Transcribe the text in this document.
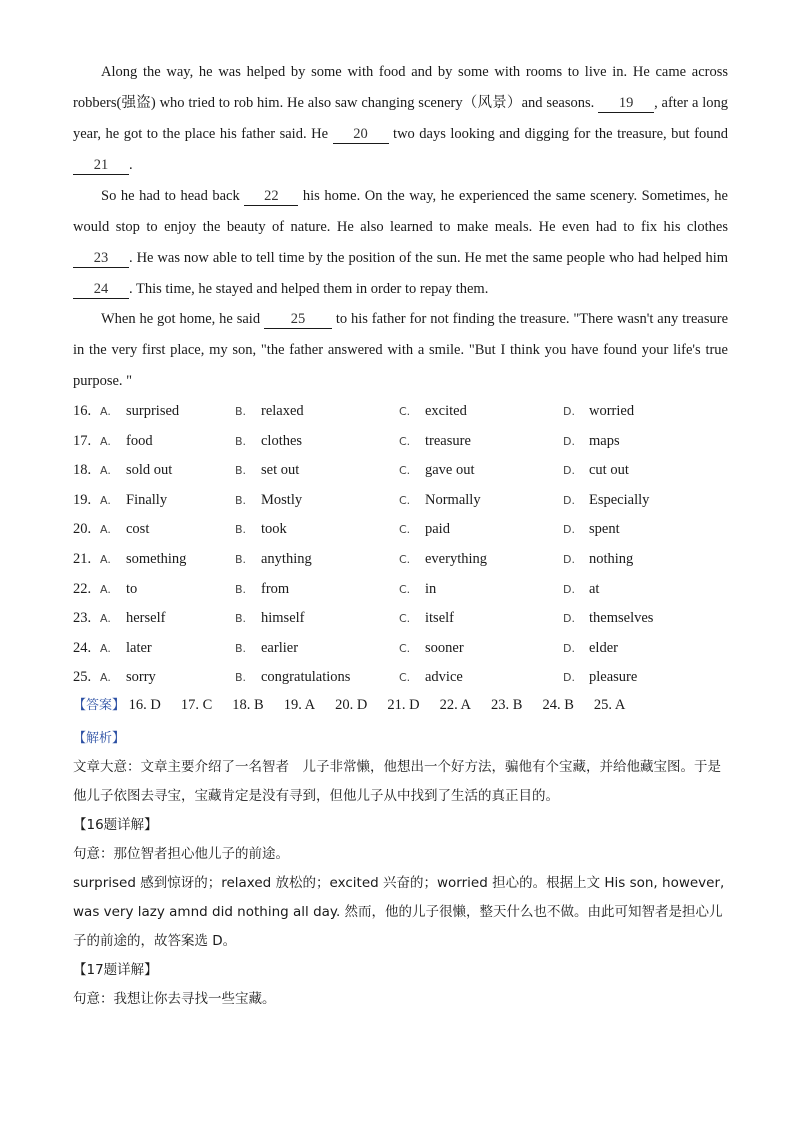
Along the way, he was helped by some with food and by some with rooms to live in. He came across robbers(强盗) who tried to rob him. He also saw changing scenery（风景）and seasons. 19 , after a long year, he got to the place his father said. He 20 two days looking and digging for the treasure, but found 21 .
So he had to head back 22 his home. On the way, he experienced the same scenery. Sometimes, he would stop to enjoy the beauty of nature. He also learned to make meals. He even had to fix his clothes 23 . He was now able to tell time by the position of the sun. He met the same people who had helped him 24 . This time, he stayed and helped them in order to repay them.
When he got home, he said 25 to his father for not finding the treasure. "There wasn't any treasure in the very first place, my son, "the father answered with a smile. "But I think you have found your life's true purpose. "
16. A. surprised	B. relaxed	C. excited	D. worried
17. A. food	B. clothes	C. treasure	D. maps
18. A. sold out	B. set out	C. gave out	D. cut out
19. A. Finally	B. Mostly	C. Normally	D. Especially
20. A. cost	B. took	C. paid	D. spent
21. A. something	B. anything	C. everything	D. nothing
22. A. to	B. from	C. in	D. at
23. A. herself	B. himself	C. itself	D. themselves
24. A. later	B. earlier	C. sooner	D. elder
25. A. sorry	B. congratulations	C. advice	D. pleasure
【答案】 16. D 17. C 18. B 19. A 20. D 21. D 22. A 23. B 24. B 25. A
【解析】
文章大意：文章主要介绍了一名智者　儿子非常懒，他想出一个好方法，骗他有个宝藏，并给他藏宝图。于是他儿子依图去寻宝，宝藏肯定是没有寻到，但他儿子从中找到了生活的真正目的。
【16题详解】
句意：那位智者担心他儿子的前途。
surprised 感到惊讶的；relaxed 放松的；excited 兴奋的；worried 担心的。根据上文 His son, however, was very lazy amnd did nothing all day. 然而，他的儿子很懒，整天什么也不做。由此可知智者是担心儿子的前途的，故答案选 D。
【17题详解】
句意：我想让你去寻找一些宝藏。
